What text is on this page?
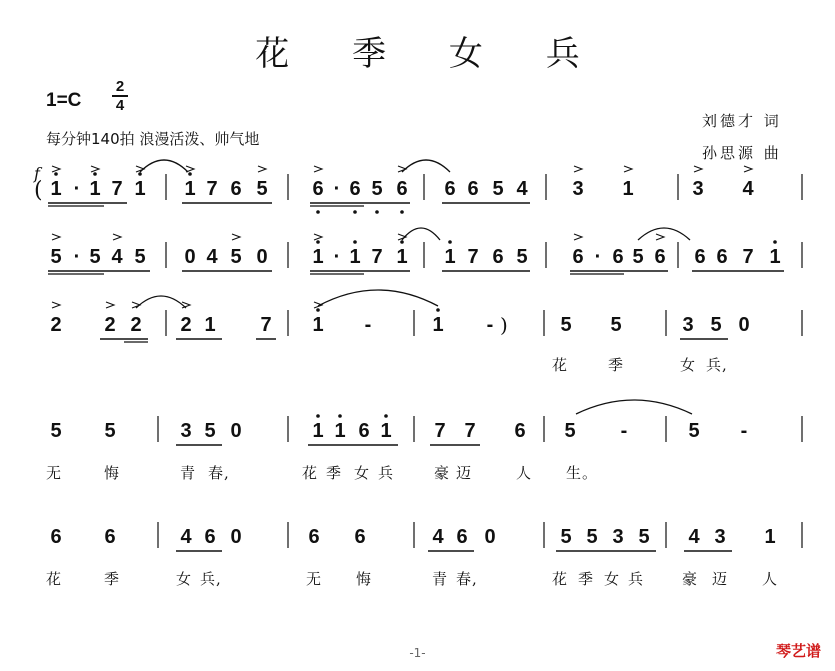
花 季 女 兵
$1=C \frac{2}{4}$
每分钟140拍 浪漫活泼、帅气地
刘德才 词
孙思源 曲
f
(
)
1 · 1 7 1 1 7 6 5 6 · 6 5 6 6 6 5 4 3 1	3 4
5 · 5 4 5 0 4 5 0 1 · 1 7 1 1 7 6 5 6 · 6 5 6 6 6 7 1
2 2 2 2 1 7 1 -	1 -	5 5	3 5 0
花	季	女 兵,
5 5	3 5 0	1 1 6 1 7 7 6 5 -	5 -
无	悔	青 春,	花 季 女 兵	豪 迈	人 生。
6 6	4 6 0	6 6	4 6 0	5 5 3 5 4 3 1
花	季	女 兵,	无 悔	青 春,	花 季 女 兵	豪 迈 人
-1-	琴艺谱
